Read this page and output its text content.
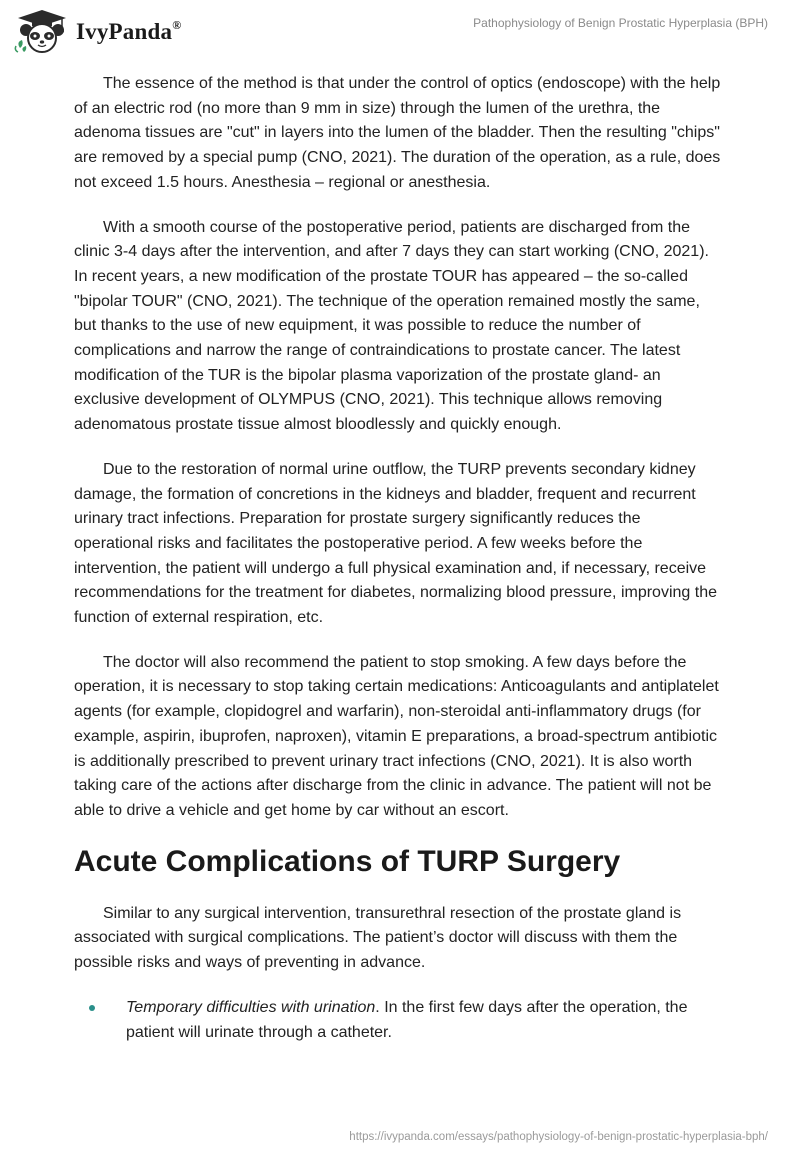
IvyPanda®	Pathophysiology of Benign Prostatic Hyperplasia (BPH)

The essence of the method is that under the control of optics (endoscope) with the help of an electric rod (no more than 9 mm in size) through the lumen of the urethra, the adenoma tissues are "cut" in layers into the lumen of the bladder. Then the resulting "chips" are removed by a special pump (CNO, 2021). The duration of the operation, as a rule, does not exceed 1.5 hours. Anesthesia – regional or anesthesia.

With a smooth course of the postoperative period, patients are discharged from the clinic 3-4 days after the intervention, and after 7 days they can start working (CNO, 2021). In recent years, a new modification of the prostate TOUR has appeared – the so-called "bipolar TOUR" (CNO, 2021). The technique of the operation remained mostly the same, but thanks to the use of new equipment, it was possible to reduce the number of complications and narrow the range of contraindications to prostate cancer. The latest modification of the TUR is the bipolar plasma vaporization of the prostate gland- an exclusive development of OLYMPUS (CNO, 2021). This technique allows removing adenomatous prostate tissue almost bloodlessly and quickly enough.

Due to the restoration of normal urine outflow, the TURP prevents secondary kidney damage, the formation of concretions in the kidneys and bladder, frequent and recurrent urinary tract infections. Preparation for prostate surgery significantly reduces the operational risks and facilitates the postoperative period. A few weeks before the intervention, the patient will undergo a full physical examination and, if necessary, receive recommendations for the treatment for diabetes, normalizing blood pressure, improving the function of external respiration, etc.

The doctor will also recommend the patient to stop smoking. A few days before the operation, it is necessary to stop taking certain medications: Anticoagulants and antiplatelet agents (for example, clopidogrel and warfarin), non-steroidal anti-inflammatory drugs (for example, aspirin, ibuprofen, naproxen), vitamin E preparations, a broad-spectrum antibiotic is additionally prescribed to prevent urinary tract infections (CNO, 2021). It is also worth taking care of the actions after discharge from the clinic in advance. The patient will not be able to drive a vehicle and get home by car without an escort.

Acute Complications of TURP Surgery

Similar to any surgical intervention, transurethral resection of the prostate gland is associated with surgical complications. The patient’s doctor will discuss with them the possible risks and ways of preventing in advance.

Temporary difficulties with urination. In the first few days after the operation, the patient will urinate through a catheter.
https://ivypanda.com/essays/pathophysiology-of-benign-prostatic-hyperplasia-bph/
